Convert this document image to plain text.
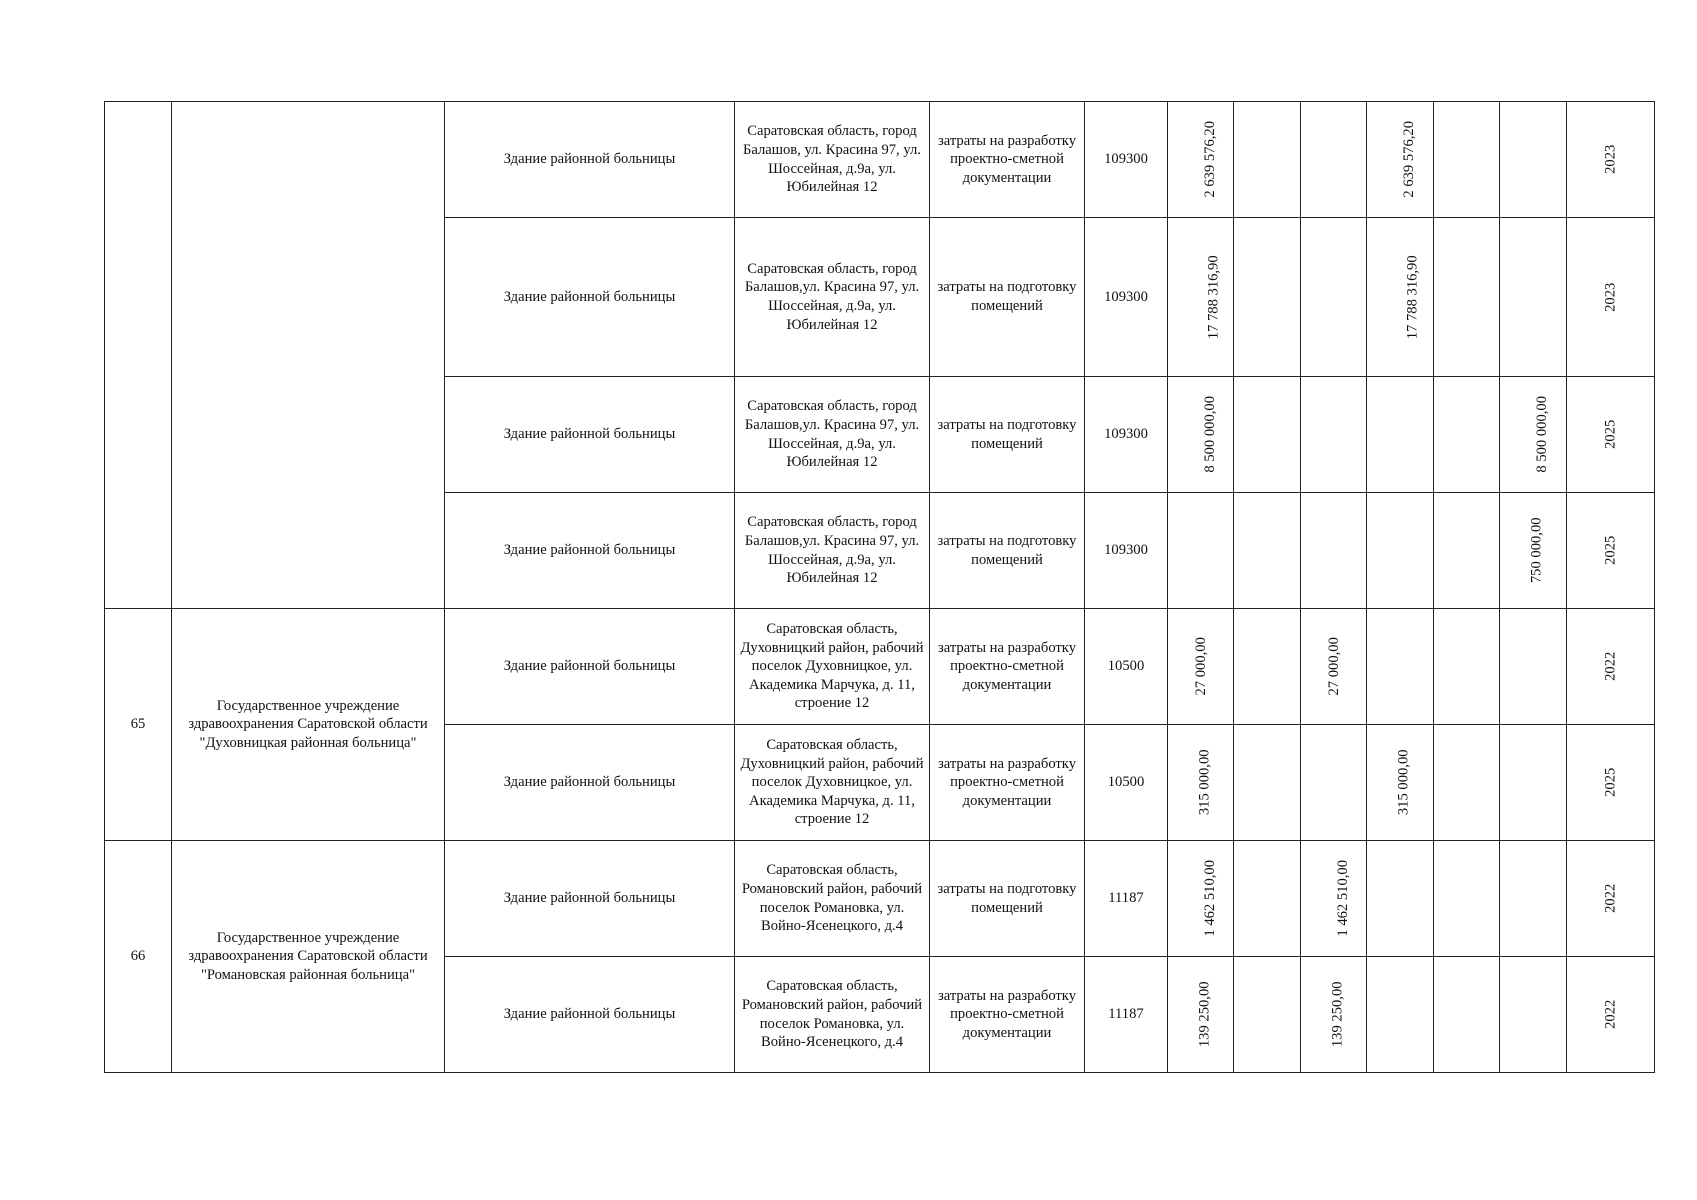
		Здание районной больницы	Саратовская область, город Балашов, ул. Красина 97, ул. Шоссейная, д.9а, ул. Юбилейная 12	затраты на разработку проектно-сметной документации	109300	2 639 576,20			2 639 576,20			2023
		Здание районной больницы	Саратовская область, город Балашов,ул. Красина 97, ул. Шоссейная, д.9а, ул. Юбилейная 12	затраты на подготовку помещений	109300	17 788 316,90			17 788 316,90			2023
		Здание районной больницы	Саратовская область, город Балашов,ул. Красина 97, ул. Шоссейная, д.9а, ул. Юбилейная 12	затраты на подготовку помещений	109300	8 500 000,00					8 500 000,00	2025
		Здание районной больницы	Саратовская область, город Балашов,ул. Красина 97, ул. Шоссейная, д.9а, ул. Юбилейная 12	затраты на подготовку помещений	109300						750 000,00	2025
65	Государственное учреждение здравоохранения Саратовской области "Духовницкая районная больница"	Здание районной больницы	Саратовская область, Духовницкий район, рабочий поселок Духовницкое, ул. Академика Марчука, д. 11, строение 12	затраты на разработку проектно-сметной документации	10500	27 000,00		27 000,00				2022
		Здание районной больницы	Саратовская область, Духовницкий район, рабочий поселок Духовницкое, ул. Академика Марчука, д. 11, строение 12	затраты на разработку проектно-сметной документации	10500	315 000,00			315 000,00			2025
66	Государственное учреждение здравоохранения Саратовской области "Романовская районная больница"	Здание районной больницы	Саратовская область, Романовский район, рабочий поселок Романовка, ул. Войно-Ясенецкого, д.4	затраты на подготовку помещений	11187	1 462 510,00		1 462 510,00				2022
		Здание районной больницы	Саратовская область, Романовский район, рабочий поселок Романовка, ул. Войно-Ясенецкого, д.4	затраты на разработку проектно-сметной документации	11187	139 250,00		139 250,00				2022
